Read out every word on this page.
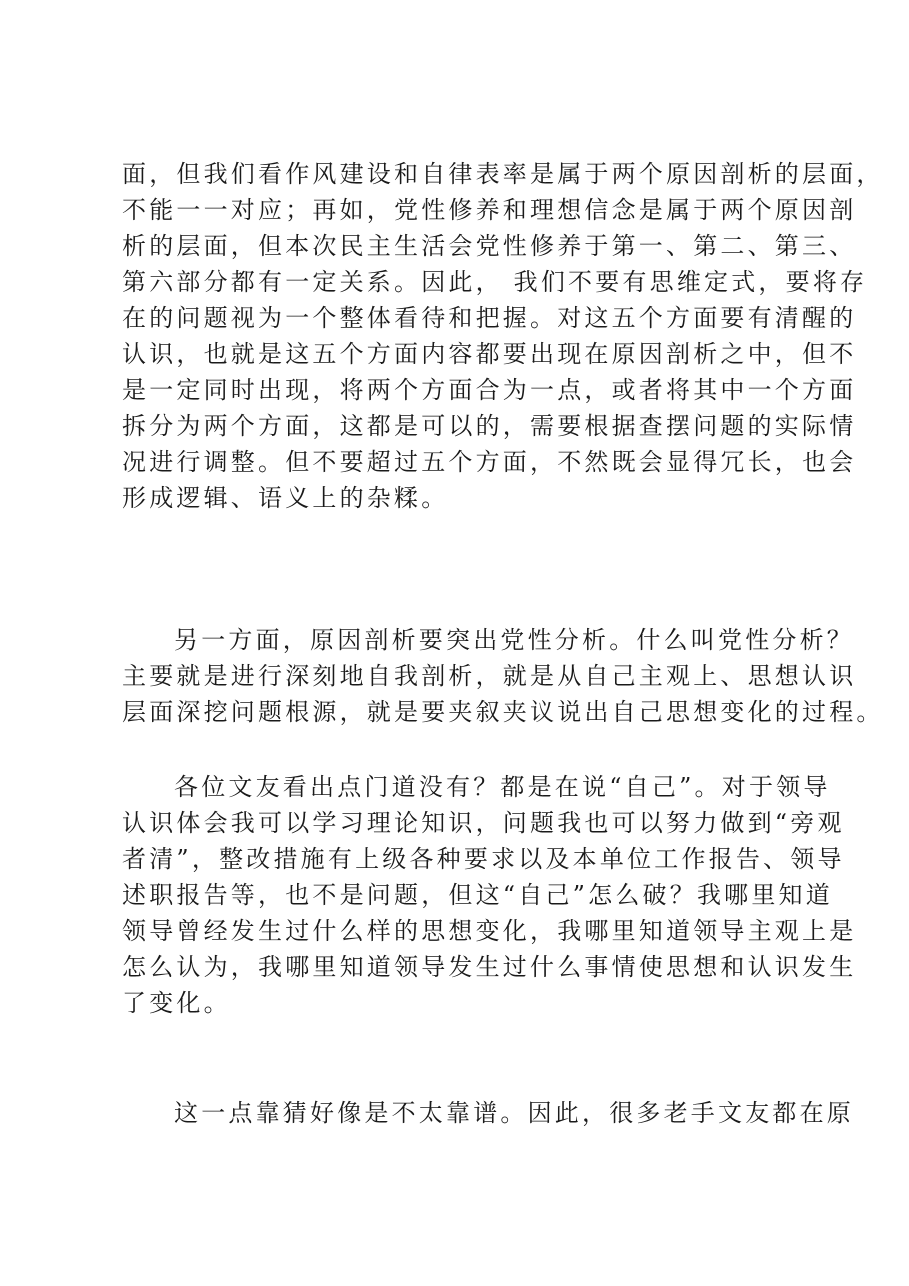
面，但我们看作风建设和自律表率是属于两个原因剖析的层面，
不能一一对应；再如，党性修养和理想信念是属于两个原因剖
析的层面，但本次民主生活会党性修养于第一、第二、第三、
第六部分都有一定关系。因此， 我们不要有思维定式，要将存
在的问题视为一个整体看待和把握。对这五个方面要有清醒的
认识，也就是这五个方面内容都要出现在原因剖析之中，但不
是一定同时出现，将两个方面合为一点，或者将其中一个方面
拆分为两个方面，这都是可以的，需要根据查摆问题的实际情
况进行调整。但不要超过五个方面，不然既会显得冗长，也会
形成逻辑、语义上的杂糅。
另一方面，原因剖析要突出党性分析。什么叫党性分析？
主要就是进行深刻地自我剖析，就是从自己主观上、思想认识
层面深挖问题根源，就是要夹叙夹议说出自己思想变化的过程。
各位文友看出点门道没有？都是在说“自己”。对于领导
认识体会我可以学习理论知识，问题我也可以努力做到“旁观
者清”，整改措施有上级各种要求以及本单位工作报告、领导
述职报告等，也不是问题，但这“自己”怎么破？我哪里知道
领导曾经发生过什么样的思想变化，我哪里知道领导主观上是
怎么认为，我哪里知道领导发生过什么事情使思想和认识发生
了变化。
这一点靠猜好像是不太靠谱。因此，很多老手文友都在原
